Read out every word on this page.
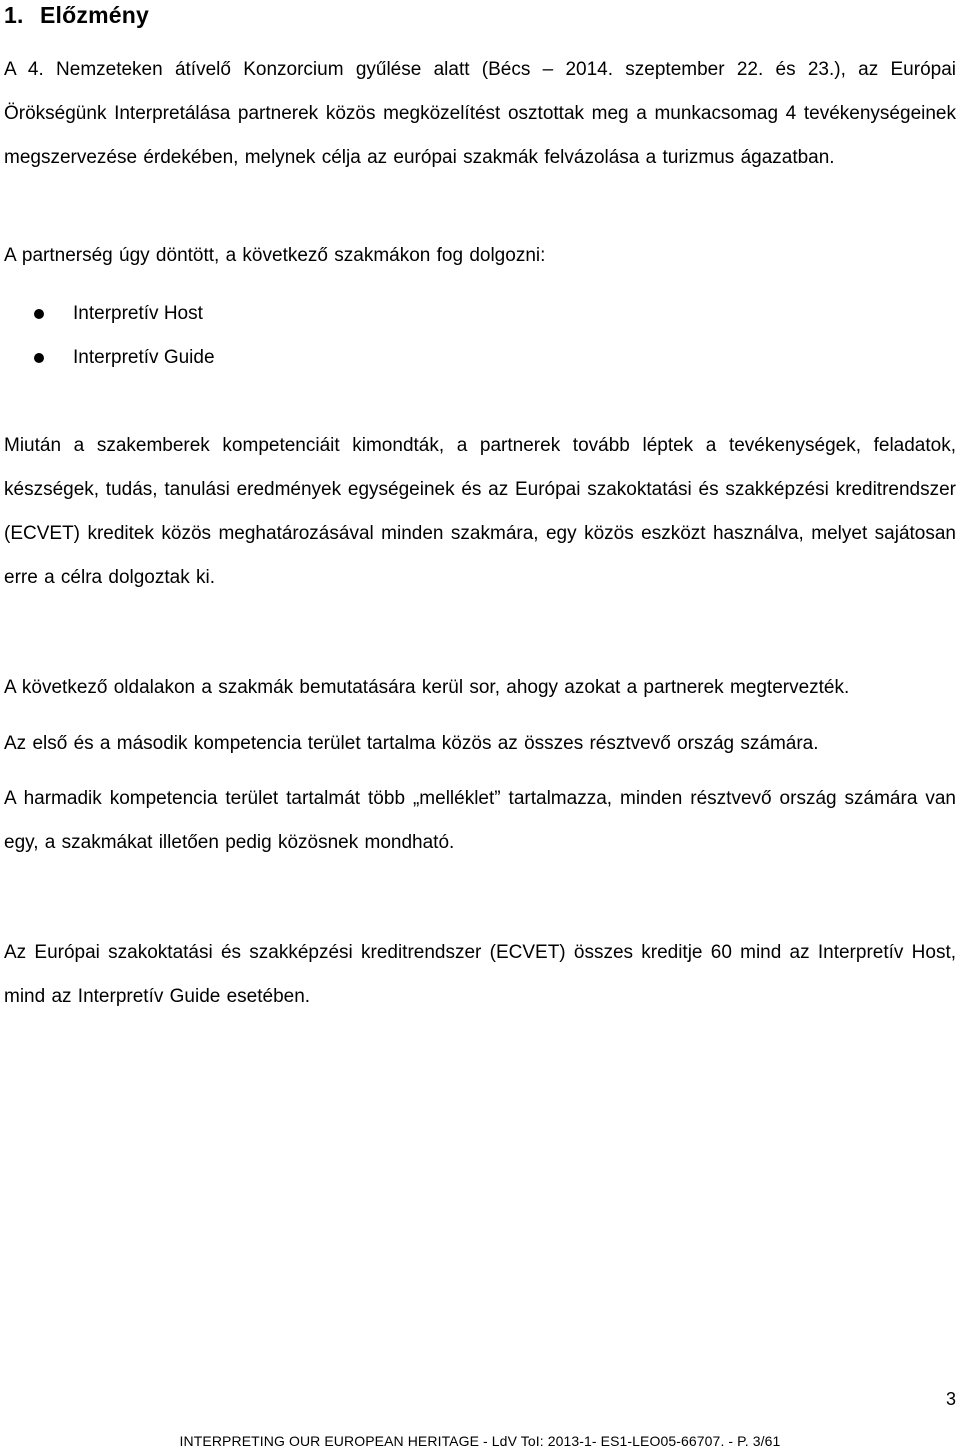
1. Előzmény

A 4. Nemzeteken átívelő Konzorcium gyűlése alatt (Bécs – 2014. szeptember 22. és 23.), az Európai Örökségünk Interpretálása partnerek közös megközelítést osztottak meg a munkacsomag 4 tevékenységeinek megszervezése érdekében, melynek célja az európai szakmák felvázolása a turizmus ágazatban.

A partnerség úgy döntött, a következő szakmákon fog dolgozni:

Interpretív Host
Interpretív Guide

Miután a szakemberek kompetenciáit kimondták, a partnerek tovább léptek a tevékenységek, feladatok, készségek, tudás, tanulási eredmények egységeinek és az Európai szakoktatási és szakképzési kreditrendszer (ECVET) kreditek közös meghatározásával minden szakmára, egy közös eszközt használva, melyet sajátosan erre a célra dolgoztak ki.

A következő oldalakon a szakmák bemutatására kerül sor, ahogy azokat a partnerek megtervezték.

Az első és a második kompetencia terület tartalma közös az összes résztvevő ország számára.

A harmadik kompetencia terület tartalmát több „melléklet” tartalmazza, minden résztvevő ország számára van egy, a szakmákat illetően pedig közösnek mondható.

Az Európai szakoktatási és szakképzési kreditrendszer (ECVET) összes kreditje 60 mind az Interpretív Host, mind az Interpretív Guide esetében.

3
INTERPRETING OUR EUROPEAN HERITAGE - LdV ToI: 2013-1- ES1-LEO05-66707. - P. 3/61
